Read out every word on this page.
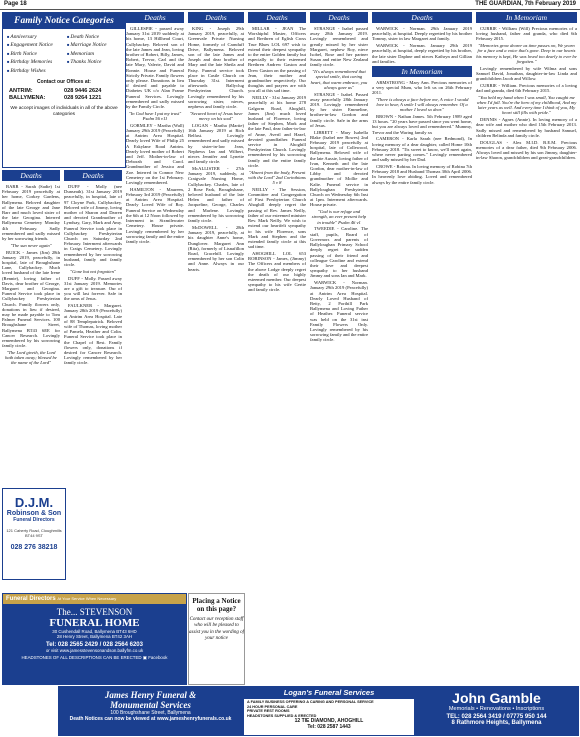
Page 18	THE GUARDIAN, 7th February 2019
Family Notice Categories
■ Anniversary
■ Engagement Notice
■ Birth Notice
■ Birthday Memories
■ Birthday Wishes
■ Death Notice
■ Marriage Notice
■ Memoriam
■ Thanks Notice
Contact our Offices at:
ANTRIM:	028 9446 2624
BALLYMENA:	028 9264 1221
We accept images of individuals in all of the above categories
Deaths

BARR - Sarah (Sadie) 1st February 2019 peacefully at her home, Corkey Gardens, Ballymena. Beloved daughter of the late George and Jane Barr and much loved sister of the late Georgina. Interred Ballymena Cemetery Monday 4th February. Sadly remembered and sadly missed by her sorrowing friends.

"The sun never again"

BUICK - James (Jim) 28th January 2019, peacefully, in hospital, late of Broughshane Lane, Cullybackey. Much loved husband of the late Irene (Rennie), loving father of Davis, dear brother of George, Margaret and Georgina. Funeral Service took place in Cullybackey Presbyterian Church. Family flowers only, donations in lieu if desired, may be made payable to Tom Palmer Funeral Services. 100 Broughshane Street, Ballymena BT43 6EE for Cancer Research. Lovingly remembered by his sorrowing family circle.

"The Lord giveth, the Lord hath taken away; blessed be the name of the Lord"

Deaths

DUFF - Molly (nee Dunseath). 31st January 2019 peacefully, in hospital, late of 97 Cloyne Park, Cullybackey. Beloved wife of Jimmy, loving mother of Sharon and Darren and devoted Grandmother of Lyndsay, Gary, Mark and Amy. Funeral Service took place in Cullybackey Presbyterian Church on Saturday 2nd February. Interment afterwards in Craigs Cemetery. Lovingly remembered by her sorrowing husband, family and family circle.

"Gone but not forgotten"

DUFF - Molly. Passed away 31st January 2019. Memories are a gift to treasure. Our of you will last forever. Safe in the arms of Jesus.

FAULKNER - Margaret. January 28th 2019 (Peacefully) at Antrim Area Hospital. Late of 88 Templepatrick. Beloved wife of Thomas, loving mother of Pamela, Heather and Colin. Funeral Service took place in the Chapel of Rest. Family flowers only, donations if desired for Cancer Research. Lovingly remembered by her family circle.

Deaths

GILLESPIE - passed away January 31st 2019 suddenly at his home, 13 Hillhead Court, Cullybackey. Beloved son of the late James and Jean, loving brother of Robert, Billy, James, Robert, Trevor, Carl and the late Mary, Valerie, David and Ronnie. House and Funeral Strictly Private. Family flowers only please. Donations in lieu if desired and payable to Diabetes UK c/o Alan Frame Funeral Services. Lovingly remembered and sadly missed by the Family Circle.

"In God have I put my trust" Psalm 56 v11

GORMLEY - Martha (Wall) January 29th 2019 (Peacefully) at Antrim Area Hospital. Dearly loved Wife of Philip 25 A Eskylane Road Antrim. Dearly loved mother of Robert and Jeff. Mother-in-law of Deborah and Carol. Grandmother of Jessica and Zoe. Interred in Connor New Cemetery on the 1st February. Lovingly remembered.

HAMILTON - Maureen, February 3rd 2019 (Peacefully) at Antrim Area Hospital. Dearly Loved Wife of Roy. Funeral Service on Wednesday the 6th at 12 Noon followed by Interment in Sixmilewater Cemetery. House private. Lovingly remembered by her sorrowing family and the entire family circle.

Deaths

KING - Joseph 29th January 2019, peacefully, at Greenvale Private Nursing Home, formerly of Carnduff Drive, Ballymena. Beloved son of the late James and Joseph and dear brother of Mary and the late Sheila and Patsy. Funeral service took place in Castle Church on Thursday 31st. Interment afterwards Ballyclug Presbyterian Church. Lovingly remembered by his sorrowing sister, nieces, nephews and family circle.

"Secured heart of Jesus have mercy on his soul"

LOGAN - Martha (Martie) 16th January 2019 at Rich Belfast. Lovingly remembered and sadly missed by sister-in-law Jean, Nephews Ian and Wilbert, nieces Jennifer and Lynette and family circle.

McALLISTER - 27th January 2019, suddenly, at Craigvale Nursing Home, Cullybackey. Charles, late of 2 Rose Park, Broughshane, beloved husband of the late Helen and father of Jacqueline, George, Charles and Marlene. Lovingly remembered by his sorrowing family circle.

McDOWELL - 28th January 2019, peacefully, at his daughter Anne's home, Dunglover. Margaret Ann (Rita), formerly of Lisnafillon Road, Gracehill. Lovingly remembered by her son Colin and Anne. Always in our hearts.

Deaths

MILLAR - JEAN The Worshipful Master, Officers and Brethren of Eglish Cross True Blues LOL 697 wish to extend their deepest sympathy to the entire Golden family but especially to their esteemed Brethren Andrew Gaston and Drew Gaston on the passing of Jean, their mother and grandmother respectively. Our thoughts and prayers are with you all at this sad time.

NEILLY - 31st January 2019 peacefully at his home 278 Galgorm Road, Ahoghill, James (Jim) much loved husband of Florence, loving father of Stephen, Mark and the late Paul, dear father-in-law of Anne, Averil and Hazel, devoted grandfather. Funeral service in Ahoghill Presbyterian Church. Lovingly remembered by his sorrowing family and the entire family circle.

"Absent from the body, Present with the Lord" 2nd Corinthians 5 v 8

NEILLY - The Session, Committee and Congregation of First Presbyterian Church Ahoghill deeply regret the passing of Rev. James Neilly, father of our esteemed minister Rev. Mark Neilly. We wish to extend our heartfelt sympathy to his wife Florence, sons Mark and Stephen and the extended family circle at this sad time.

AHOGHILL LOL 653 ROBINSON - James, (Jimmy) The Officers and members of the above Lodge deeply regret the death of our highly esteemed member. Our deepest sympathy to his wife Gertie and family circle.

Deaths

STRANGE - Isabel passed away 28th January 2019. Lovingly remembered and greatly missed by her sister Margaret, nephew Roy, niece Isobel, Rose and her partner Susan and entire New Zealand family circle.

"It's always remembered that special smile, that caring heart, that warm embrace, you always gave us"

STRANGE - Isabel. Passed away peacefully 28th January 2019. Lovingly remembered by her sister Emmeline, brother-in-law Gordon and family circle. Safe in the arms of Jesus.

LIBRETT - Mary Isabella Blake (Isabel nee Bowes) 2nd February 2019 peacefully at hospital, late of Collewood, Ballymena. Beloved wife of the late Aussie, loving father of Ivan, Kenneth and the late Gordon, dear mother-in-law of Libby and devoted grandmother of Mollie and Kalie. Funeral service in Ballyloughan Presbyterian Church on Wednesday 6th Inst at 1pm. Interment afterwards. House private.

"God is our refuge and strength, an ever present help in trouble" Psalm 46 v1

TWEEDIE - Caroline. The staff, pupils, Board of Governors and parents of Ballyloughan Primary School deeply regret the sudden passing of their friend and colleague Caroline and extend their love and deepest sympathy to her husband Jimmy and sons Ian and Mark.

WARWICK - Norman. January 29th 2019 (Peacefully) at Antrim Area Hospital. Dearly Loved Husband of Betty, 2 Porthill Park Ballymena and Loving Father of Heather. Funeral service was held on the 31st inst Family Flowers Only. Lovingly remembered by his sorrowing family and the entire family circle.

Deaths

WARWICK - Norman. 29th January 2019 peacefully, at hospital. Deeply regretted by his brother Tommy, sister in law Margaret and family.

WARWICK - Norman. January 29th 2019 peacefully, at hospital, deeply regretted by his brother, the late sister Daphne and nieces Kathryn and Gillian and families.

In Memoriam

ARMSTRONG - Mary Ann. Precious memories of a very special Mum, who left us on 26th February 2011.

"There is always a face before me, A voice I would love to hear, A smile I will always remember. Of a mother I loved so dear."

BROWN - Nathan James. 5th February 1989 aged 13 hours. "20 years have passed since you went home, but you are always loved and remembered." Mummy, Trevor and the Waring family xx

CAMERON - Karla Sarah (nee Redmond), In loving memory of a dear daughter, called Home 10th February 2018. "Tis sweet to know, we'll meet again, where never parting comes." Lovingly remembered and sadly missed by her Dad.

CROWE - Robina. In loving memory of Robina 7th February 2018 and Husband Thomas 30th April 2006. In heavenly love abiding. Loved and remembered always by the entire family circle.

In Memoriam

CURRIE - William (Will) Precious memories of a loving husband, father and granda, who died 6th February 2015.

"Memories grow dearer as time passes on, We yearn for a face and a voice that's gone. Deep in our hearts his memory is kept, He was loved too dearly to ever be forgotten."

Lovingly remembered by wife Wilma and sons Samuel David, Jonathan, daughter-in-law Linda and grandchildren Jacob and Willow.

CURRIE - William. Precious memories of a loving dad and granda, died 6th February 2015.

"You held my hand when I was small, You caught me when I'd fall. You're the hero of my childhood, And my later years as well. And every time I think of you, My heart still fills with pride."

DENNIS - Agnes (Annie). In loving memory of a dear wife and mother who died 15th February 2013. Sadly missed and remembered by husband Samuel, children Belinda and family circle.

DOUGLAS - Alex M.I.D. B.E.M. Precious memories of a dear father, died 9th February 2006. Always loved and missed by his son Jimmy, daughter-in-law Sharon, grandchildren and great-grandchildren.

D.J.M.
Robinson & Son
Funeral Directors
121 Caherty Road, Cloughmills BT44 9ST
028 276 38218
Funeral Directors At Your Service When Necessary
The... STEVENSON
FUNERAL HOME
30 Cushendall Road, Ballymena BT43 6HD
28 Henry Street, Ballymena BT42 3AH
Tel: 028 2565 2429 / 028 2564 6203
or visit www.jamesstevensonandson.ballyfm.co.uk
HEADSTONES OF ALL DESCRIPTIONS CAN BE ERECTED ▣ Facebook
Placing a Notice on this page?
Contact our reception staff who will be pleased to assist you in the wording of your notice
James Henry Funeral &
Monumental Services
100 Broughshane Street, Ballymena
Death Notices can now be viewed at www.jameshenryfunerals.co.uk
Logan's Funeral Services
A FAMILY BUSINESS OFFERING A CARING AND PERSONAL SERVICE
24 HOUR PERSONAL CARE
PRIVATE REST ROOMS
HEADSTONES SUPPLIED & ERECTED
12 TIE DIAMOND, AHOGHILL
Tel: 028 2587 1443
John Gamble
Memorials • Renovations • Inscriptions
TEL: 028 2564 3419 / 07775 950 144
8 Rathmore Heights, Ballymena
